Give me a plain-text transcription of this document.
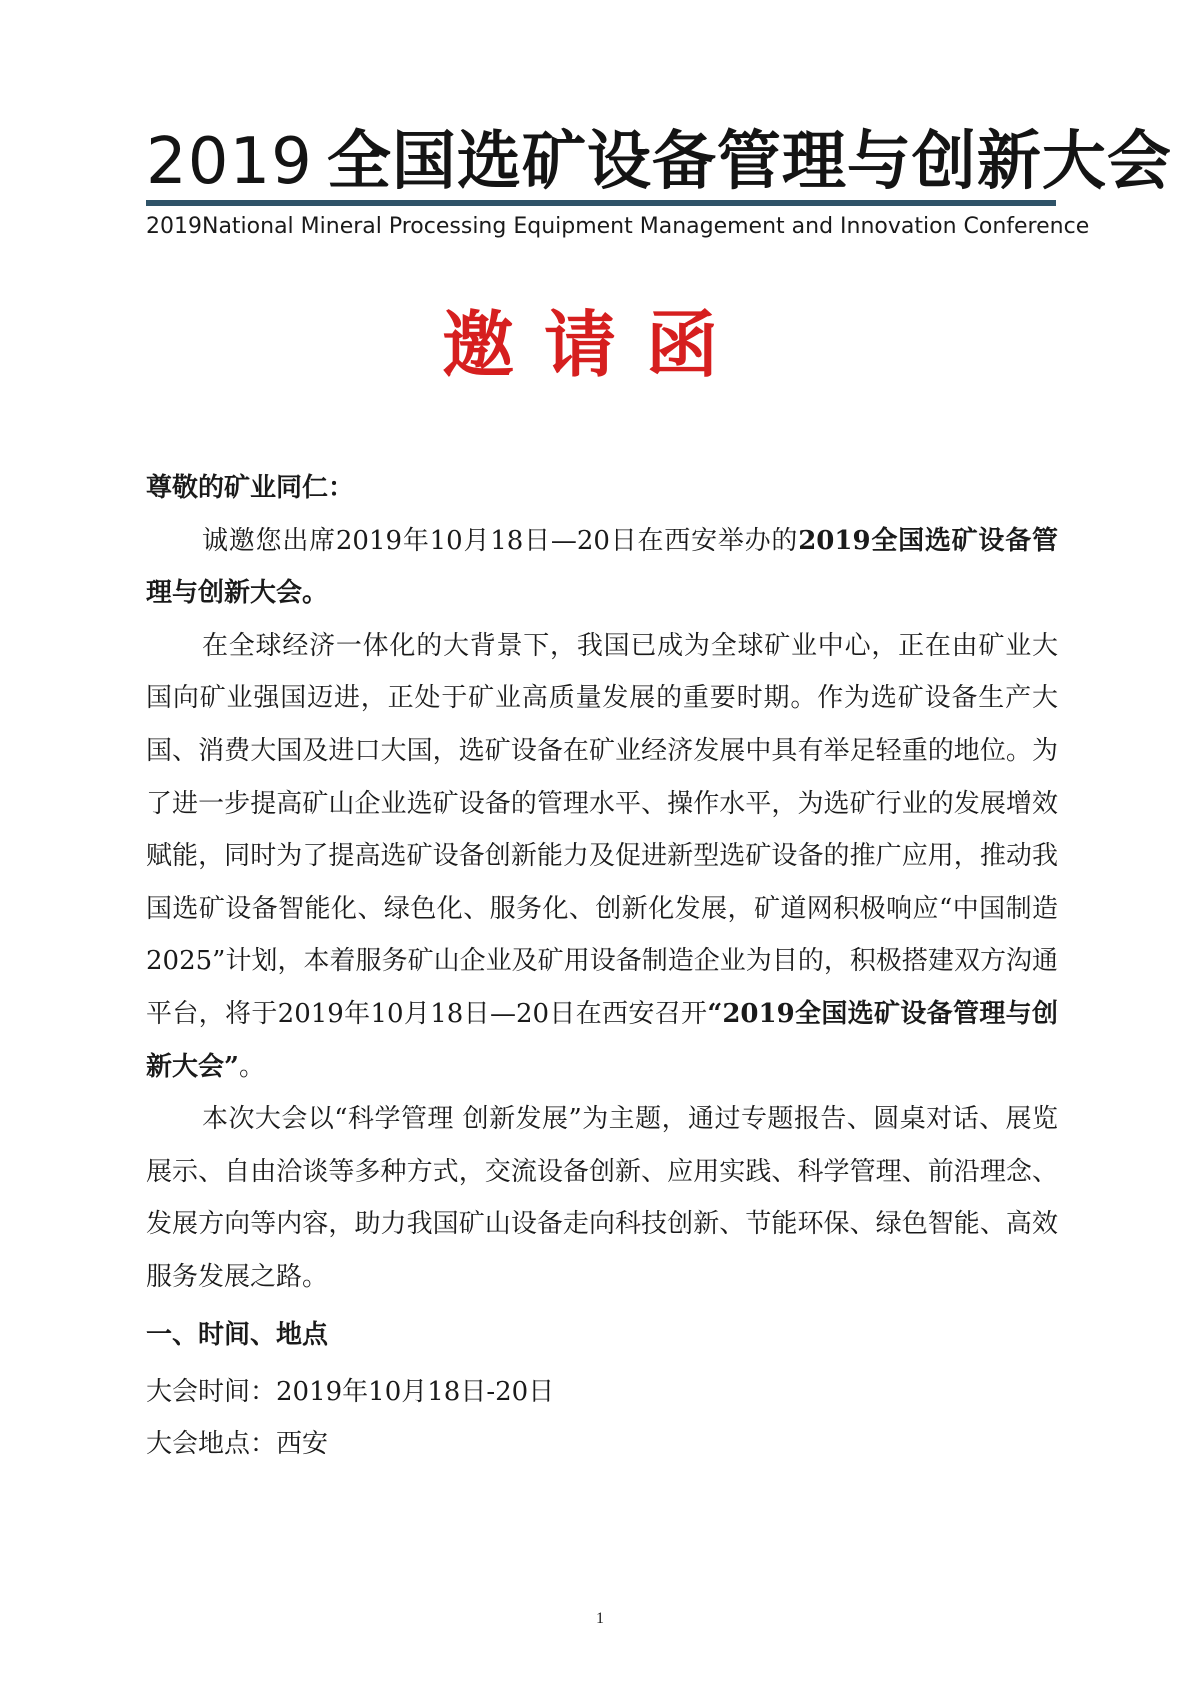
2019 全国选矿设备管理与创新大会
2019National Mineral Processing Equipment Management and Innovation Conference
邀请函

尊敬的矿业同仁：

诚邀您出席2019年10月18日—20日在西安举办的2019全国选矿设备管理与创新大会。

在全球经济一体化的大背景下，我国已成为全球矿业中心，正在由矿业大国向矿业强国迈进，正处于矿业高质量发展的重要时期。作为选矿设备生产大国、消费大国及进口大国，选矿设备在矿业经济发展中具有举足轻重的地位。为了进一步提高矿山企业选矿设备的管理水平、操作水平，为选矿行业的发展增效赋能，同时为了提高选矿设备创新能力及促进新型选矿设备的推广应用，推动我国选矿设备智能化、绿色化、服务化、创新化发展，矿道网积极响应“中国制造2025”计划，本着服务矿山企业及矿用设备制造企业为目的，积极搭建双方沟通平台，将于2019年10月18日—20日在西安召开“2019全国选矿设备管理与创新大会”。

本次大会以“科学管理 创新发展”为主题，通过专题报告、圆桌对话、展览展示、自由洽谈等多种方式，交流设备创新、应用实践、科学管理、前沿理念、发展方向等内容，助力我国矿山设备走向科技创新、节能环保、绿色智能、高效服务发展之路。

一、时间、地点

大会时间：2019年10月18日-20日

大会地点：西安

1
